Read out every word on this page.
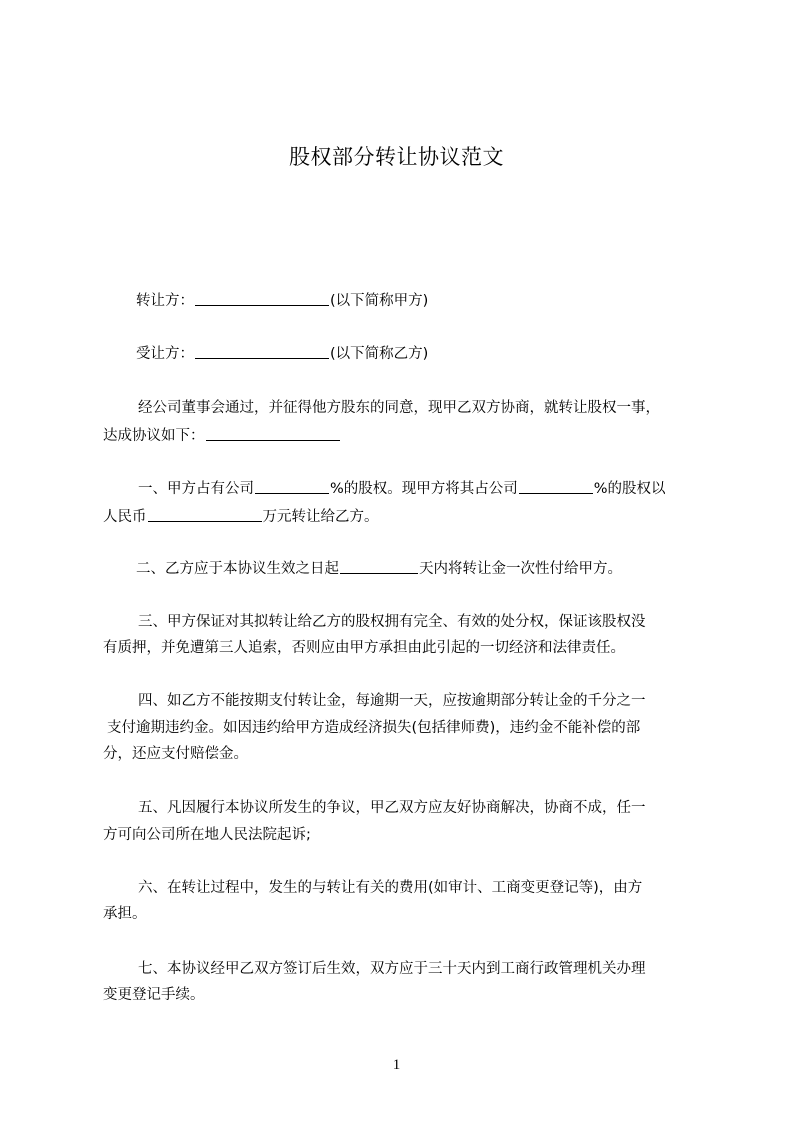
股权部分转让协议范文
转让方：	(以下简称甲方)
受让方：	(以下简称乙方)
经公司董事会通过，并征得他方股东的同意，现甲乙双方协商，就转让股权一事，
达成协议如下：
一、甲方占有公司	%的股权。现甲方将其占公司	%的股权以
人民币	万元转让给乙方。
二、乙方应于本协议生效之日起	天内将转让金一次性付给甲方。
三、甲方保证对其拟转让给乙方的股权拥有完全、有效的处分权，保证该股权没
有质押，并免遭第三人追索，否则应由甲方承担由此引起的一切经济和法律责任。
四、如乙方不能按期支付转让金，每逾期一天，应按逾期部分转让金的千分之一
支付逾期违约金。如因违约给甲方造成经济损失(包括律师费)，违约金不能补偿的部
分，还应支付赔偿金。
五、凡因履行本协议所发生的争议，甲乙双方应友好协商解决，协商不成，任一
方可向公司所在地人民法院起诉;
六、在转让过程中，发生的与转让有关的费用(如审计、工商变更登记等)，由方
承担。
七、本协议经甲乙双方签订后生效，双方应于三十天内到工商行政管理机关办理
变更登记手续。
1
